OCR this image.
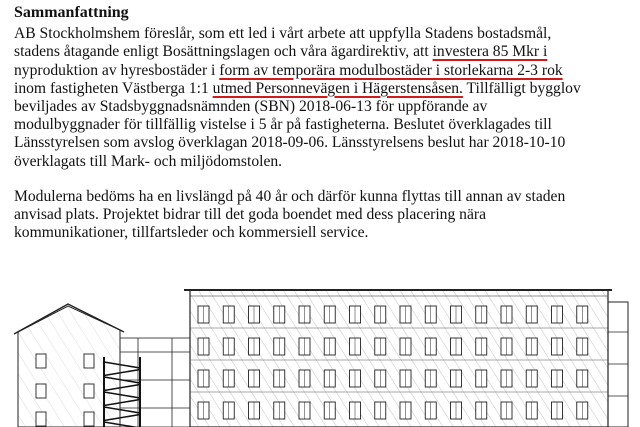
Sammanfattning
AB Stockholmshem föreslår, som ett led i vårt arbete att uppfylla Stadens bostadsmål,
stadens åtagande enligt Bosättningslagen och våra ägardirektiv, att investera 85 Mkr i
nyproduktion av hyresbostäder i form av temporära modulbostäder i storlekarna 2-3 rok
inom fastigheten Västberga 1:1 utmed Personnevägen i Hägerstensåsen. Tillfälligt bygglov
beviljades av Stadsbyggnadsnämnden (SBN) 2018-06-13 för uppförande av
modulbyggnader för tillfällig vistelse i 5 år på fastigheterna. Beslutet överklagades till
Länsstyrelsen som avslog överklagan 2018-09-06. Länsstyrelsens beslut har 2018-10-10
överklagats till Mark- och miljödomstolen.
Modulerna bedöms ha en livslängd på 40 år och därför kunna flyttas till annan av staden
anvisad plats. Projektet bidrar till det goda boendet med dess placering nära
kommunikationer, tillfartsleder och kommersiell service.
